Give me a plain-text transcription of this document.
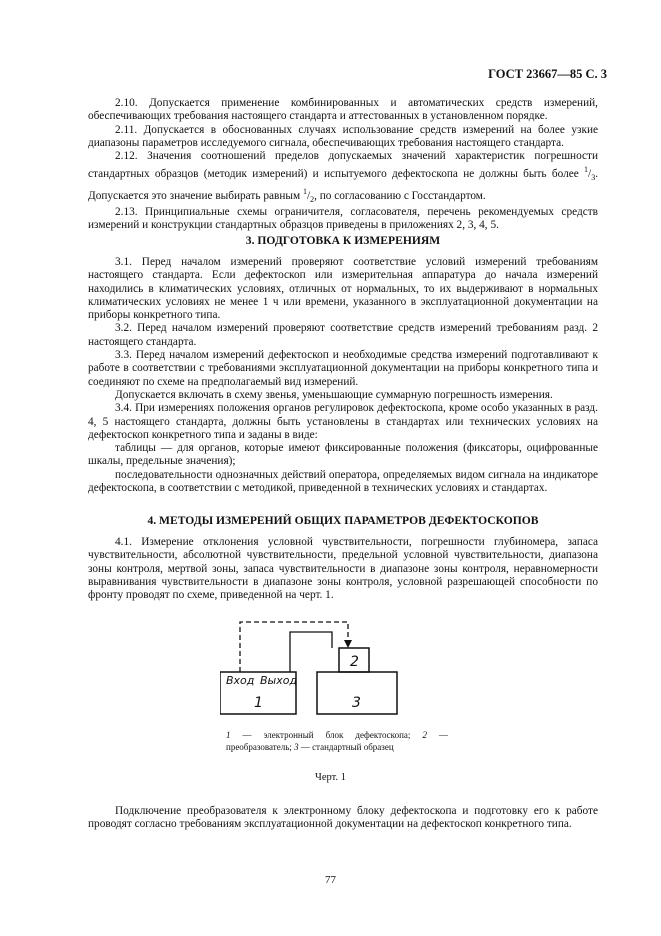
ГОСТ 23667—85 С. 3

2.10. Допускается применение комбинированных и автоматических средств измерений, обеспечивающих требования настоящего стандарта и аттестованных в установленном порядке.

2.11. Допускается в обоснованных случаях использование средств измерений на более узкие диапазоны параметров исследуемого сигнала, обеспечивающих требования настоящего стандарта.

2.12. Значения соотношений пределов допускаемых значений характеристик погрешности стандартных образцов (методик измерений) и испытуемого дефектоскопа не должны быть более $^1/_3$. Допускается это значение выбирать равным $^1/_2$, по согласованию с Госстандартом.

2.13. Принципиальные схемы ограничителя, согласователя, перечень рекомендуемых средств измерений и конструкции стандартных образцов приведены в приложениях 2, 3, 4, 5.

3. ПОДГОТОВКА К ИЗМЕРЕНИЯМ

3.1. Перед началом измерений проверяют соответствие условий измерений требованиям настоящего стандарта. Если дефектоскоп или измерительная аппаратура до начала измерений находились в климатических условиях, отличных от нормальных, то их выдерживают в нормальных климатических условиях не менее 1 ч или времени, указанного в эксплуатационной документации на приборы конкретного типа.

3.2. Перед началом измерений проверяют соответствие средств измерений требованиям разд. 2 настоящего стандарта.

3.3. Перед началом измерений дефектоскоп и необходимые средства измерений подготавливают к работе в соответствии с требованиями эксплуатационной документации на приборы конкретного типа и соединяют по схеме на предполагаемый вид измерений.

Допускается включать в схему звенья, уменьшающие суммарную погрешность измерения.

3.4. При измерениях положения органов регулировок дефектоскопа, кроме особо указанных в разд. 4, 5 настоящего стандарта, должны быть установлены в стандартах или технических условиях на дефектоскоп конкретного типа и заданы в виде:

таблицы — для органов, которые имеют фиксированные положения (фиксаторы, оцифрованные шкалы, предельные значения);

последовательности однозначных действий оператора, определяемых видом сигнала на индикаторе дефектоскопа, в соответствии с методикой, приведенной в технических условиях и стандартах.

4. МЕТОДЫ ИЗМЕРЕНИЙ ОБЩИХ ПАРАМЕТРОВ ДЕФЕКТОСКОПОВ

4.1. Измерение отклонения условной чувствительности, погрешности глубиномера, запаса чувствительности, абсолютной чувствительности, предельной условной чувствительности, диапазона зоны контроля, мертвой зоны, запаса чувствительности в диапазоне зоны контроля, неравномерности выравнивания чувствительности в диапазоне зоны контроля, условной разрешающей способности по фронту проводят по схеме, приведенной на черт. 1.

Вход Выход
1
2
3
1 — электронный блок дефектоскопа; 2 — преобразователь; 3 — стандартный образец
Черт. 1

Подключение преобразователя к электронному блоку дефектоскопа и подготовку его к работе проводят согласно требованиям эксплуатационной документации на дефектоскоп конкретного типа.

77
